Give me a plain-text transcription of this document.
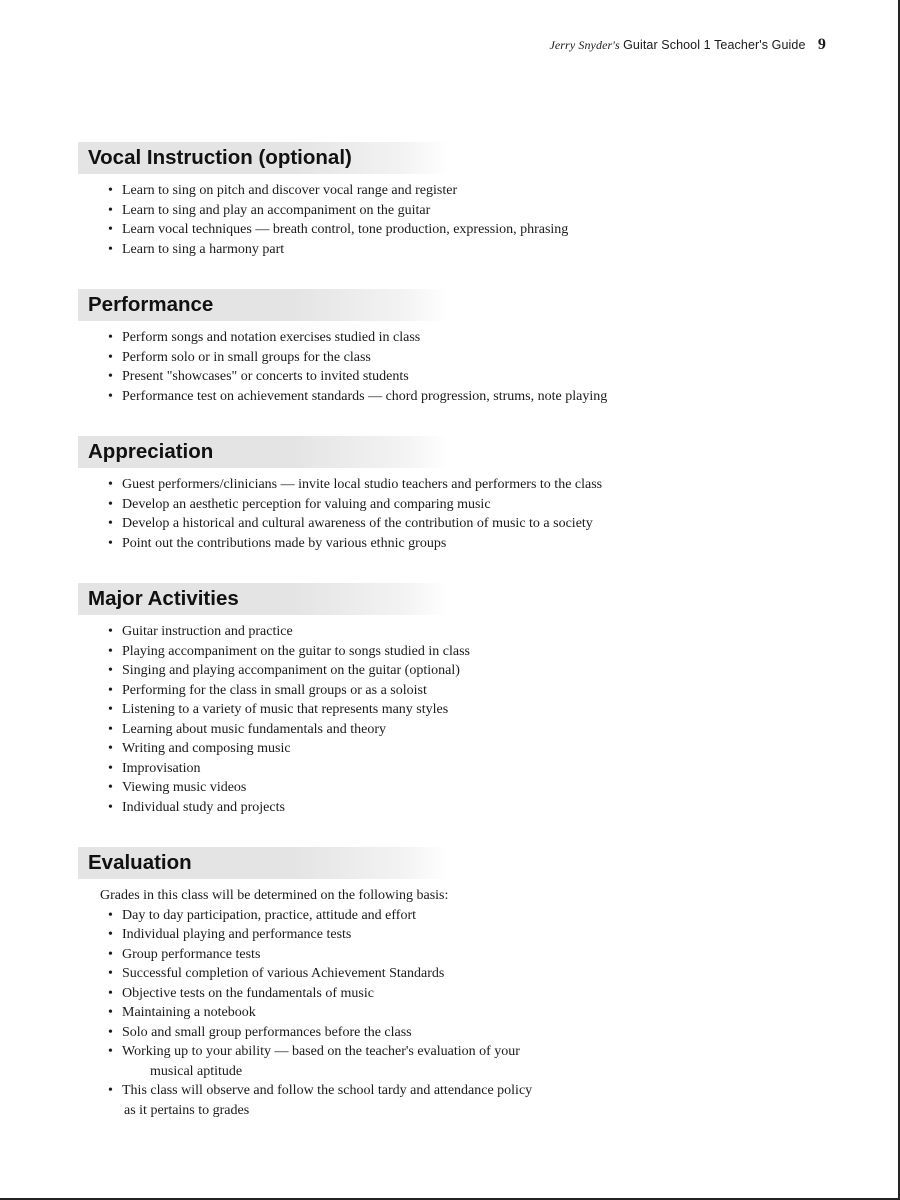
Jerry Snyder's Guitar School 1 Teacher's Guide 9
Vocal Instruction (optional)
• Learn to sing on pitch and discover vocal range and register
• Learn to sing and play an accompaniment on the guitar
• Learn vocal techniques — breath control, tone production, expression, phrasing
• Learn to sing a harmony part
Performance
• Perform songs and notation exercises studied in class
• Perform solo or in small groups for the class
• Present "showcases" or concerts to invited students
• Performance test on achievement standards — chord progression, strums, note playing
Appreciation
• Guest performers/clinicians — invite local studio teachers and performers to the class
• Develop an aesthetic perception for valuing and comparing music
• Develop a historical and cultural awareness of the contribution of music to a society
• Point out the contributions made by various ethnic groups
Major Activities
• Guitar instruction and practice
• Playing accompaniment on the guitar to songs studied in class
• Singing and playing accompaniment on the guitar (optional)
• Performing for the class in small groups or as a soloist
• Listening to a variety of music that represents many styles
• Learning about music fundamentals and theory
• Writing and composing music
• Improvisation
• Viewing music videos
• Individual study and projects
Evaluation
Grades in this class will be determined on the following basis:
• Day to day participation, practice, attitude and effort
• Individual playing and performance tests
• Group performance tests
• Successful completion of various Achievement Standards
• Objective tests on the fundamentals of music
• Maintaining a notebook
• Solo and small group performances before the class
• Working up to your ability — based on the teacher's evaluation of your
musical aptitude
• This class will observe and follow the school tardy and attendance policy
as it pertains to grades
